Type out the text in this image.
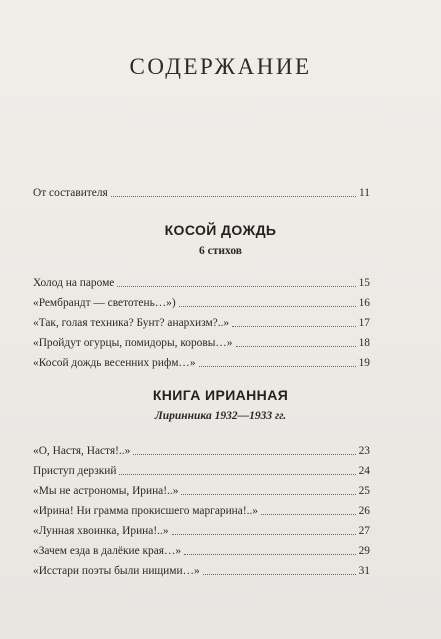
СОДЕРЖАНИЕ
От составителя	11
КОСОЙ ДОЖДЬ
6 стихов
Холод на пароме	15
«Рембрандт — светотень…»)	16
«Так, голая техника? Бунт? анархизм?..»	17
«Пройдут огурцы, помидоры, коровы…»	18
«Косой дождь весенних рифм…»	19
КНИГА ИРИАННАЯ
Лиринника 1932—1933 гг.
«О, Настя, Настя!..»	23
Приступ дерзкий	24
«Мы не астрономы, Ирина!..»	25
«Ирина! Ни грамма прокисшего маргарина!..»	26
«Лунная хвоинка, Ирина!..»	27
«Зачем езда в далёкие края…»	29
«Исстари поэты были нищими…»	31
